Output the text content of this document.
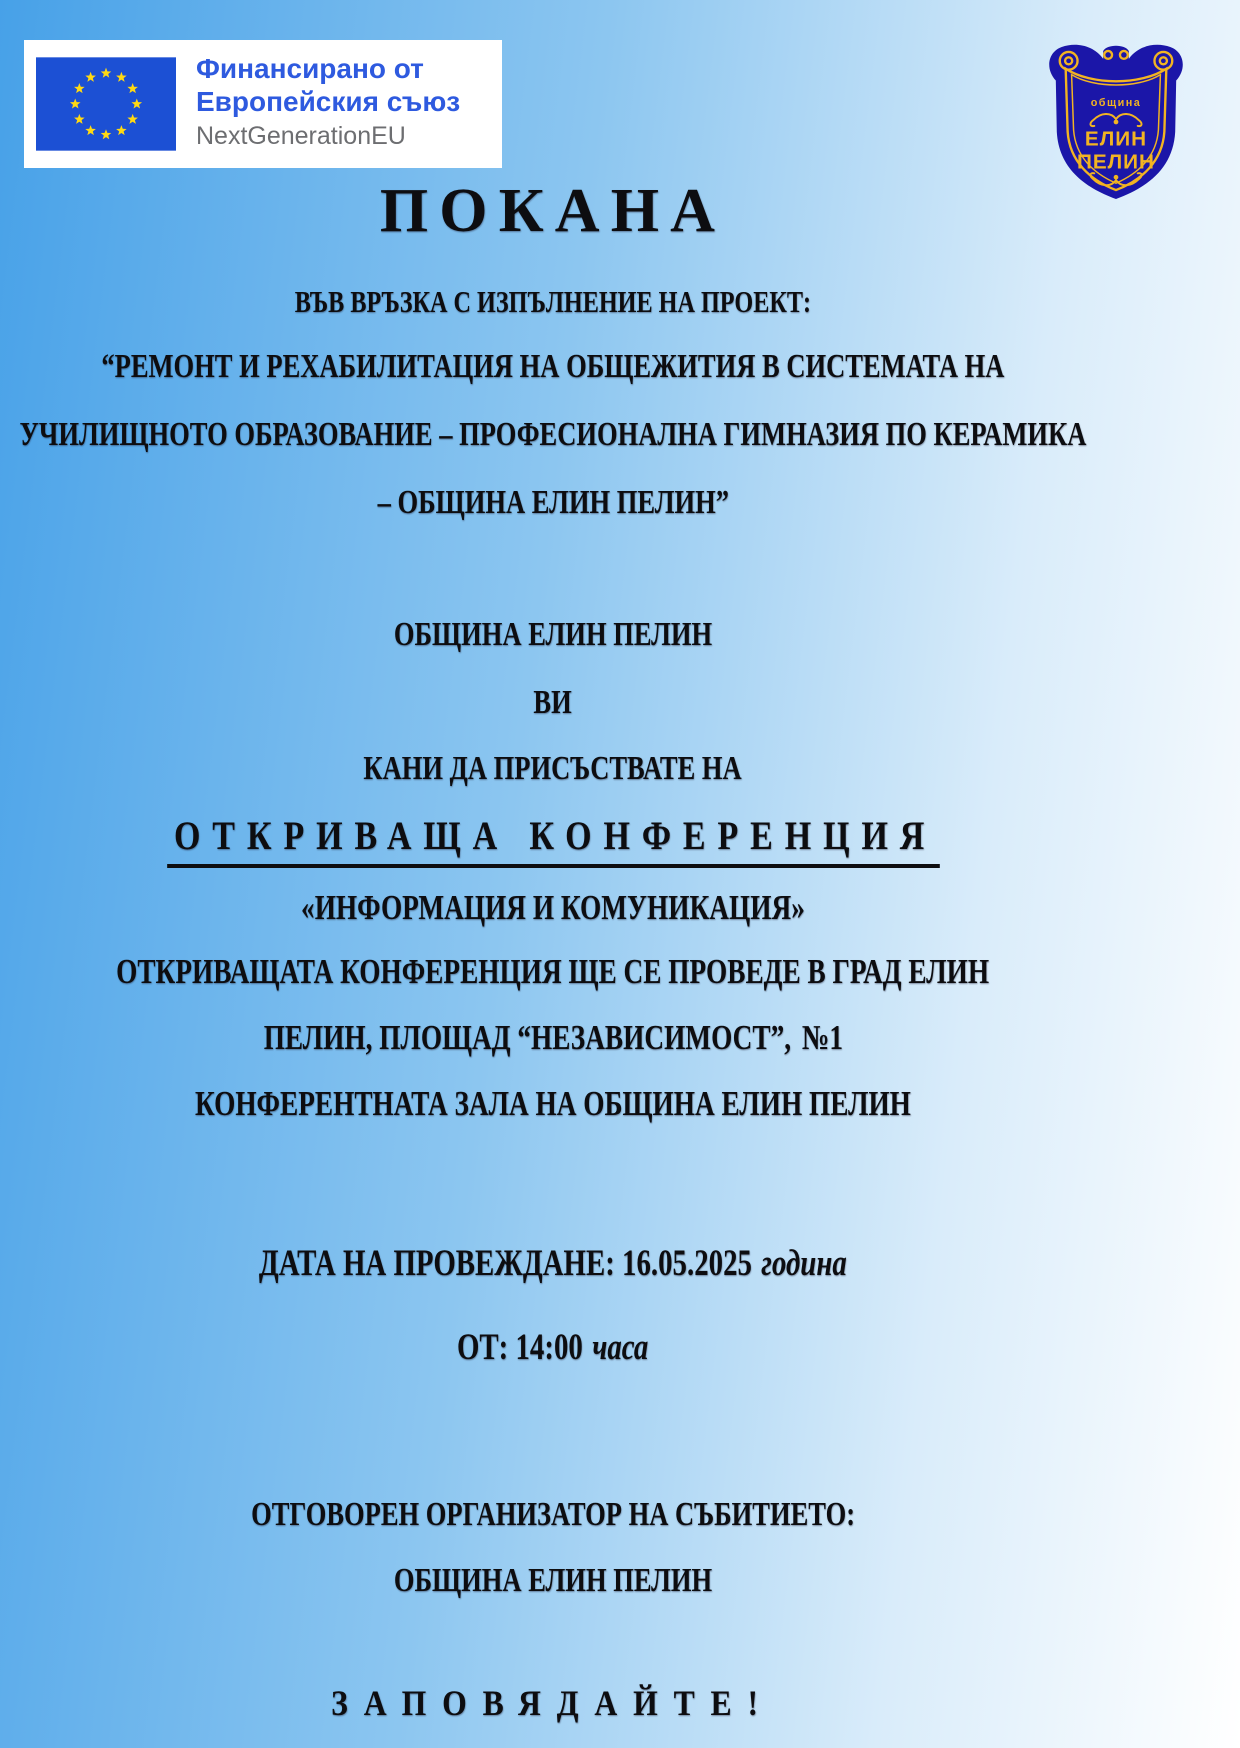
Финансирано от
Европейския съюз
NextGenerationEU
община
ЕЛИН
ПЕЛИН
ПОКАНА
ВЪВ ВРЪЗКА С ИЗПЪЛНЕНИЕ НА ПРОЕКТ:
“РЕМОНТ И РЕХАБИЛИТАЦИЯ НА ОБЩЕЖИТИЯ В СИСТЕМАТА НА
УЧИЛИЩНОТО ОБРАЗОВАНИЕ – ПРОФЕСИОНАЛНА ГИМНАЗИЯ ПО КЕРАМИКА
– ОБЩИНА ЕЛИН ПЕЛИН”
ОБЩИНА ЕЛИН ПЕЛИН
ВИ
КАНИ ДА ПРИСЪСТВАТЕ НА
ОТКРИВАЩА КОНФЕРЕНЦИЯ
«ИНФОРМАЦИЯ И КОМУНИКАЦИЯ»
ОТКРИВАЩАТА КОНФЕРЕНЦИЯ ЩЕ СЕ ПРОВЕДЕ В ГРАД ЕЛИН
ПЕЛИН, ПЛОЩАД “НЕЗАВИСИМОСТ”, №1
КОНФЕРЕНТНАТА ЗАЛА НА ОБЩИНА ЕЛИН ПЕЛИН
ДАТА НА ПРОВЕЖДАНЕ: 16.05.2025 година
ОТ: 14:00 часа
ОТГОВОРЕН ОРГАНИЗАТОР НА СЪБИТИЕТО:
ОБЩИНА ЕЛИН ПЕЛИН
ЗАПОВЯДАЙТЕ!
